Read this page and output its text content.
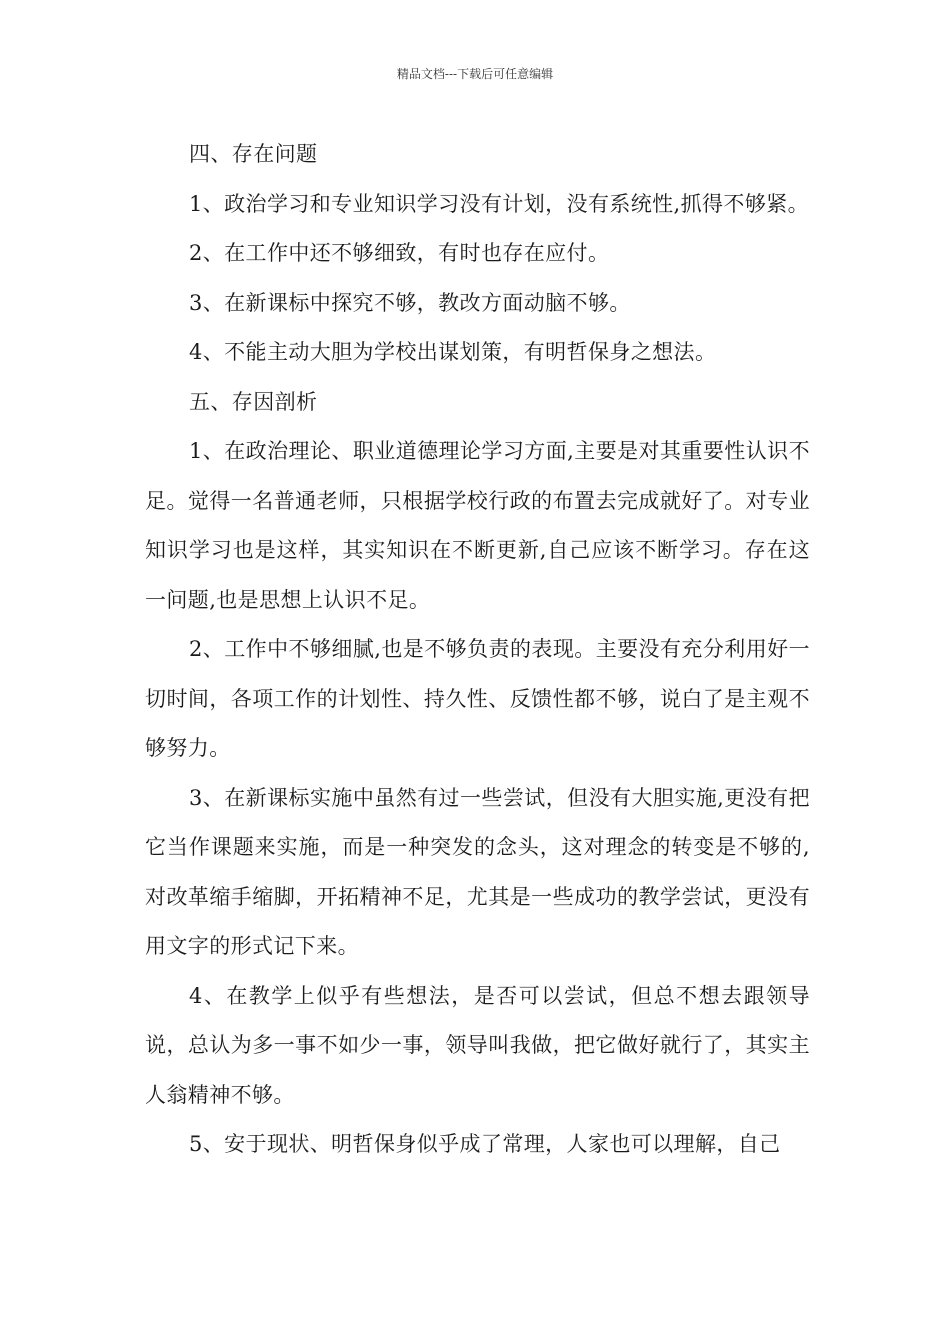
精品文档---下载后可任意编辑

四、存在问题

1、政治学习和专业知识学习没有计划，没有系统性,抓得不够紧。

2、在工作中还不够细致，有时也存在应付。

3、在新课标中探究不够，教改方面动脑不够。

4、不能主动大胆为学校出谋划策，有明哲保身之想法。

五、存因剖析

1、在政治理论、职业道德理论学习方面,主要是对其重要性认识不足。觉得一名普通老师，只根据学校行政的布置去完成就好了。对专业知识学习也是这样，其实知识在不断更新,自己应该不断学习。存在这一问题,也是思想上认识不足。

2、工作中不够细腻,也是不够负责的表现。主要没有充分利用好一切时间，各项工作的计划性、持久性、反馈性都不够，说白了是主观不够努力。

3、在新课标实施中虽然有过一些尝试，但没有大胆实施,更没有把它当作课题来实施，而是一种突发的念头，这对理念的转变是不够的,对改革缩手缩脚，开拓精神不足，尤其是一些成功的教学尝试，更没有用文字的形式记下来。

4、在教学上似乎有些想法，是否可以尝试，但总不想去跟领导说，总认为多一事不如少一事，领导叫我做，把它做好就行了，其实主人翁精神不够。

5、安于现状、明哲保身似乎成了常理，人家也可以理解，自己
